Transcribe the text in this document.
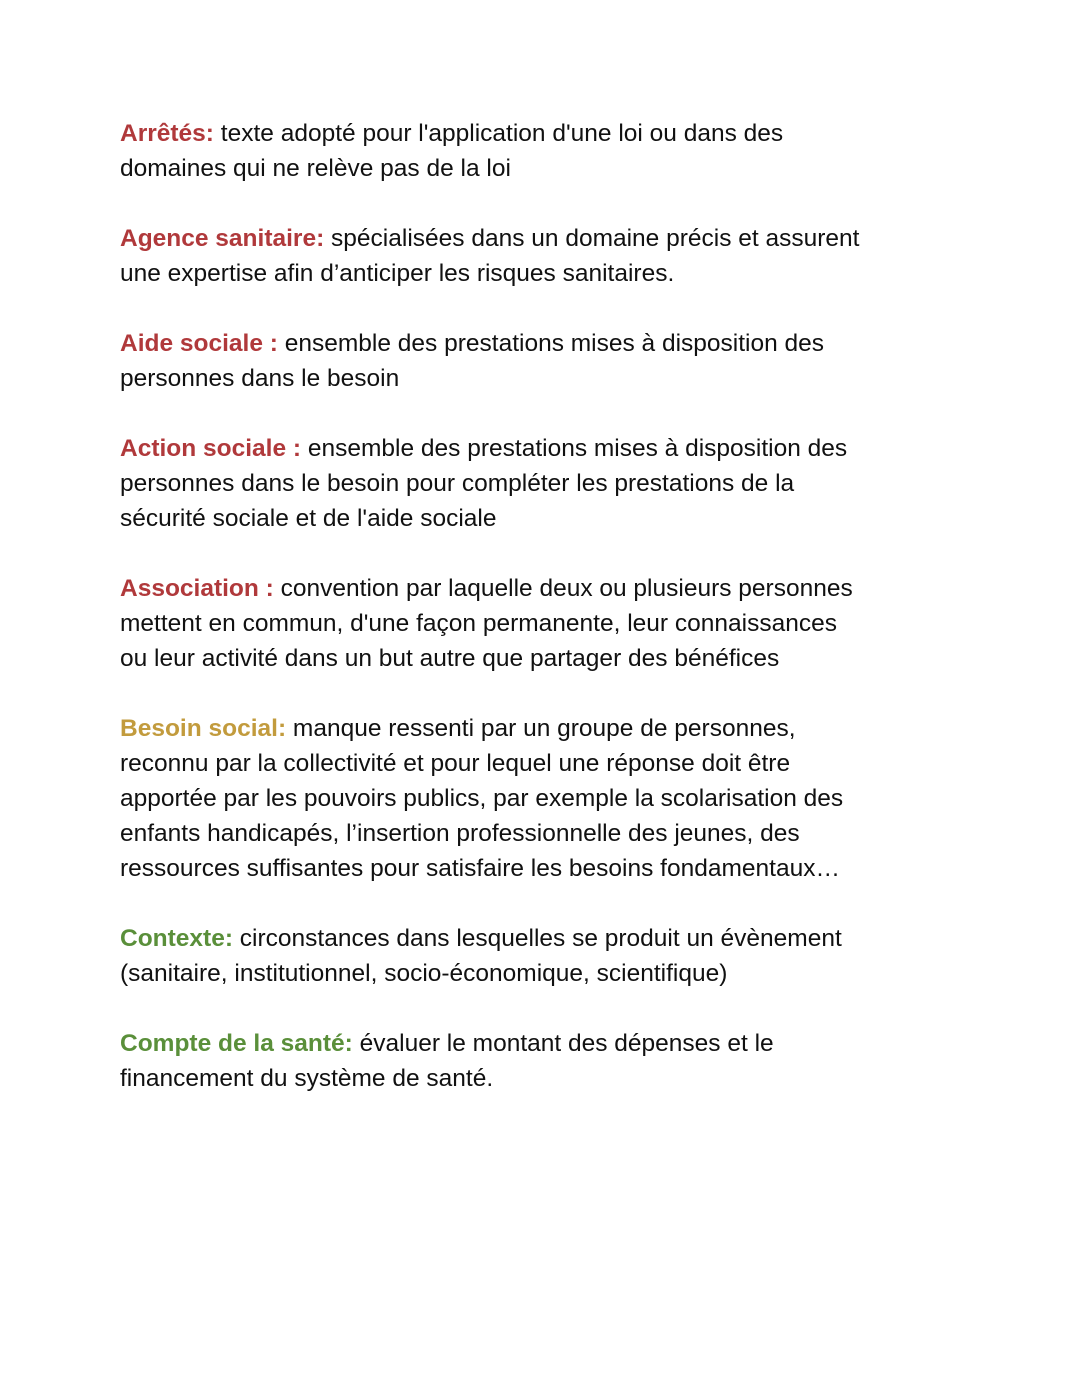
Arrêtés: texte adopté pour l'application d'une loi ou dans des domaines qui ne relève pas de la loi

Agence sanitaire: spécialisées dans un domaine précis et assurent une expertise afin d’anticiper les risques sanitaires.

Aide sociale : ensemble des prestations mises à disposition des personnes dans le besoin

Action sociale : ensemble des prestations mises à disposition des personnes dans le besoin pour compléter les prestations de la sécurité sociale et de l'aide sociale

Association : convention par laquelle deux ou plusieurs personnes mettent en commun, d'une façon permanente, leur connaissances ou leur activité dans un but autre que partager des bénéfices

Besoin social: manque ressenti par un groupe de personnes, reconnu par la collectivité et pour lequel une réponse doit être apportée par les pouvoirs publics, par exemple la scolarisation des enfants handicapés, l’insertion professionnelle des jeunes, des ressources suffisantes pour satisfaire les besoins fondamentaux…

Contexte: circonstances dans lesquelles se produit un évènement (sanitaire, institutionnel, socio-économique, scientifique)

Compte de la santé: évaluer le montant des dépenses et le financement du système de santé.
